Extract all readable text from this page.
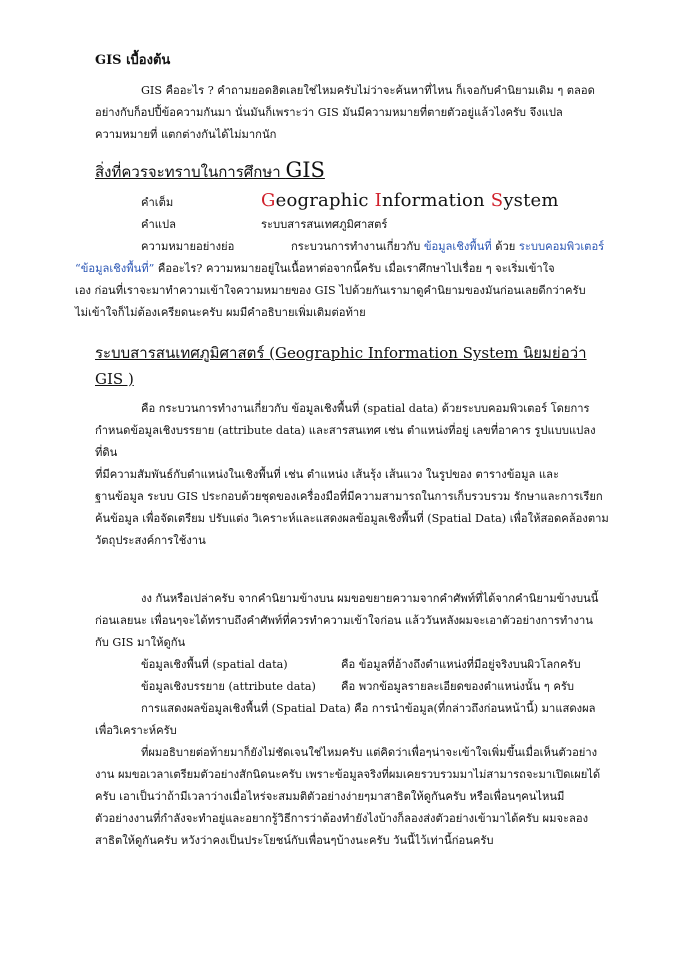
GIS เบื้องต้น

GIS คืออะไร ? คำถามยอดฮิตเลยใช่ไหมครับไม่ว่าจะค้นหาที่ไหน ก็เจอกับคำนิยามเดิม ๆ ตลอด

อย่างกับก็อปปี้ข้อความกันมา นั่นมันก็เพราะว่า GIS มันมีความหมายที่ตายตัวอยู่แล้วไงครับ จึงแปล

ความหมายที่ แตกต่างกันได้ไม่มากนัก

สิ่งที่ควรจะทราบในการศึกษา GIS
คำเต็ม	Geographic Information System
คำแปล	ระบบสารสนเทศภูมิศาสตร์
ความหมายอย่างย่อ	กระบวนการทำงานเกี่ยวกับ ข้อมูลเชิงพื้นที่ ด้วย ระบบคอมพิวเตอร์

“ข้อมูลเชิงพื้นที่” คืออะไร? ความหมายอยู่ในเนื้อหาต่อจากนี้ครับ เมื่อเราศึกษาไปเรื่อย ๆ จะเริ่มเข้าใจ

เอง ก่อนที่เราจะมาทำความเข้าใจความหมายของ GIS ไปด้วยกันเรามาดูคำนิยามของมันก่อนเลยดีกว่าครับ

ไม่เข้าใจก็ไม่ต้องเครียดนะครับ ผมมีคำอธิบายเพิ่มเติมต่อท้าย

ระบบสารสนเทศภูมิศาสตร์ (Geographic Information System นิยมย่อว่า GIS )

คือ กระบวนการทำงานเกี่ยวกับ ข้อมูลเชิงพื้นที่ (spatial data) ด้วยระบบคอมพิวเตอร์ โดยการ

กำหนดข้อมูลเชิงบรรยาย (attribute data) และสารสนเทศ เช่น ตำแหน่งที่อยู่ เลขที่อาคาร รูปแบบแปลงที่ดิน

ที่มีความสัมพันธ์กับตำแหน่งในเชิงพื้นที่ เช่น ตำแหน่ง เส้นรุ้ง เส้นแวง ในรูปของ ตารางข้อมูล และ

ฐานข้อมูล ระบบ GIS ประกอบด้วยชุดของเครื่องมือที่มีความสามารถในการเก็บรวบรวม รักษาและการเรียก

ค้นข้อมูล เพื่อจัดเตรียม ปรับแต่ง วิเคราะห์และแสดงผลข้อมูลเชิงพื้นที่ (Spatial Data) เพื่อให้สอดคล้องตาม

วัตถุประสงค์การใช้งาน

งง กันหรือเปล่าครับ จากคำนิยามข้างบน ผมขอขยายความจากคำศัพท์ที่ได้จากคำนิยามข้างบนนี้

ก่อนเลยนะ เพื่อนๆจะได้ทราบถึงคำศัพท์ที่ควรทำความเข้าใจก่อน แล้ววันหลังผมจะเอาตัวอย่างการทำงาน

กับ GIS มาให้ดูกัน

ข้อมูลเชิงพื้นที่ (spatial data)	คือ ข้อมูลที่อ้างถึงตำแหน่งที่มีอยู่จริงบนผิวโลกครับ
ข้อมูลเชิงบรรยาย (attribute data)	คือ พวกข้อมูลรายละเอียดของตำแหน่งนั้น ๆ ครับ

การแสดงผลข้อมูลเชิงพื้นที่ (Spatial Data) คือ การนำข้อมูล(ที่กล่าวถึงก่อนหน้านี้) มาแสดงผล

เพื่อวิเคราะห์ครับ

ที่ผมอธิบายต่อท้ายมาก็ยังไม่ชัดเจนใช่ไหมครับ แต่คิดว่าเพื่อๆน่าจะเข้าใจเพิ่มขึ้นเมื่อเห็นตัวอย่าง

งาน ผมขอเวลาเตรียมตัวอย่างสักนิดนะครับ เพราะข้อมูลจริงที่ผมเคยรวบรวมมาไม่สามารถจะมาเปิดเผยได้

ครับ เอาเป็นว่าถ้ามีเวลาว่างเมื่อไหร่จะสมมติตัวอย่างง่ายๆมาสาธิตให้ดูกันครับ หรือเพื่อนๆคนไหนมี

ตัวอย่างงานที่กำลังจะทำอยู่และอยากรู้วิธีการว่าต้องทำยังไงบ้างก็ลองส่งตัวอย่างเข้ามาได้ครับ ผมจะลอง

สาธิตให้ดูกันครับ หวังว่าคงเป็นประโยชน์กับเพื่อนๆบ้างนะครับ วันนี้ไว้เท่านี้ก่อนครับ
